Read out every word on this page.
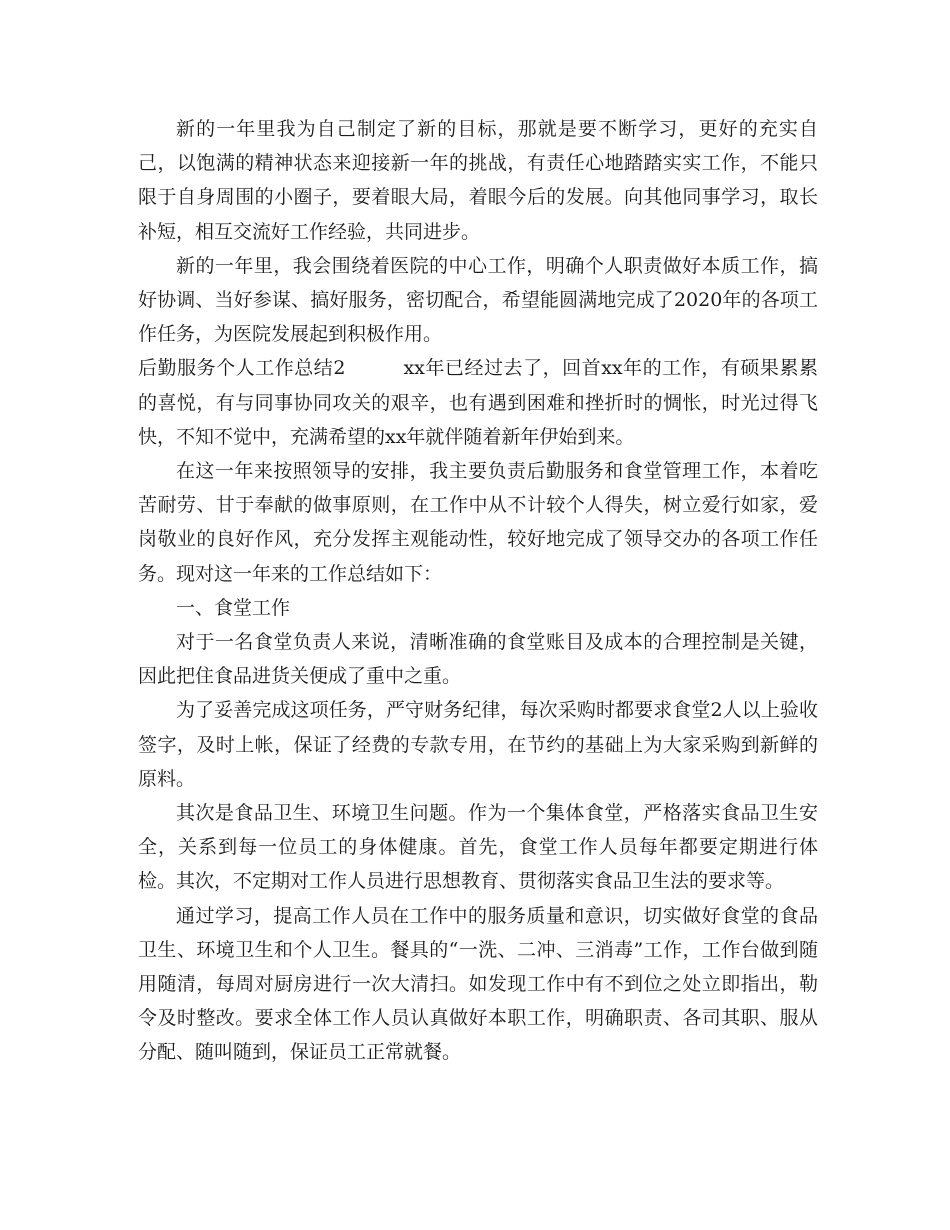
新的一年里我为自己制定了新的目标，那就是要不断学习，更好的充实自己，以饱满的精神状态来迎接新一年的挑战，有责任心地踏踏实实工作，不能只限于自身周围的小圈子，要着眼大局，着眼今后的发展。向其他同事学习，取长补短，相互交流好工作经验，共同进步。

新的一年里，我会围绕着医院的中心工作，明确个人职责做好本质工作，搞好协调、当好参谋、搞好服务，密切配合，希望能圆满地完成了2020年的各项工作任务，为医院发展起到积极作用。

后勤服务个人工作总结2	xx年已经过去了，回首xx年的工作，有硕果累累的喜悦，有与同事协同攻关的艰辛，也有遇到困难和挫折时的惆怅，时光过得飞快，不知不觉中，充满希望的xx年就伴随着新年伊始到来。

在这一年来按照领导的安排，我主要负责后勤服务和食堂管理工作，本着吃苦耐劳、甘于奉献的做事原则，在工作中从不计较个人得失，树立爱行如家，爱岗敬业的良好作风，充分发挥主观能动性，较好地完成了领导交办的各项工作任务。现对这一年来的工作总结如下：

一、食堂工作

对于一名食堂负责人来说，清晰准确的食堂账目及成本的合理控制是关键，因此把住食品进货关便成了重中之重。

为了妥善完成这项任务，严守财务纪律，每次采购时都要求食堂2人以上验收签字，及时上帐，保证了经费的专款专用，在节约的基础上为大家采购到新鲜的原料。

其次是食品卫生、环境卫生问题。作为一个集体食堂，严格落实食品卫生安全，关系到每一位员工的身体健康。首先，食堂工作人员每年都要定期进行体检。其次，不定期对工作人员进行思想教育、贯彻落实食品卫生法的要求等。

通过学习，提高工作人员在工作中的服务质量和意识，切实做好食堂的食品卫生、环境卫生和个人卫生。餐具的“一洗、二冲、三消毒”工作，工作台做到随用随清，每周对厨房进行一次大清扫。如发现工作中有不到位之处立即指出，勒令及时整改。要求全体工作人员认真做好本职工作，明确职责、各司其职、服从分配、随叫随到，保证员工正常就餐。
